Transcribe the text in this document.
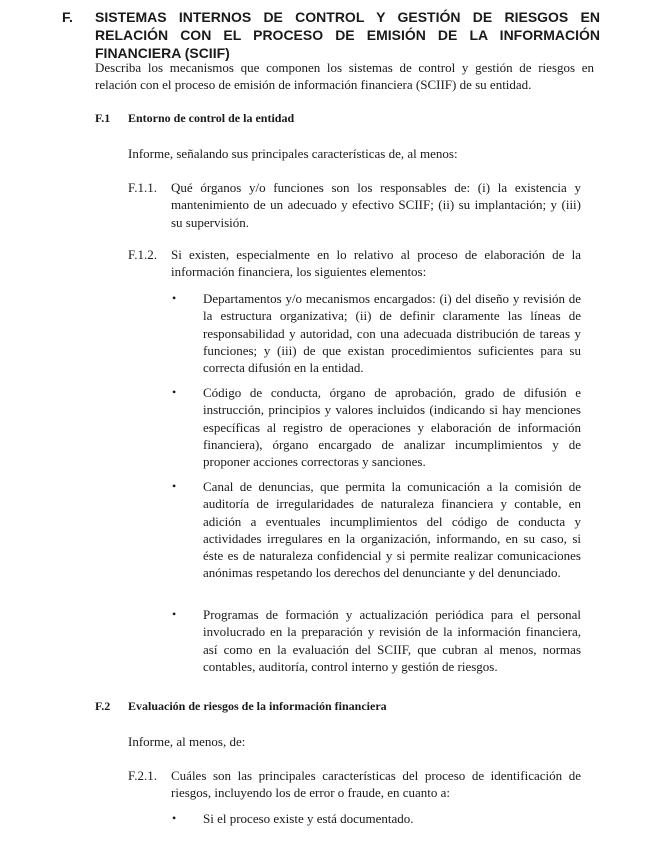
F. SISTEMAS INTERNOS DE CONTROL Y GESTIÓN DE RIESGOS EN RELACIÓN CON EL PROCESO DE EMISIÓN DE LA INFORMACIÓN FINANCIERA (SCIIF)
Describa los mecanismos que componen los sistemas de control y gestión de riesgos en relación con el proceso de emisión de información financiera (SCIIF) de su entidad.
F.1 Entorno de control de la entidad
Informe, señalando sus principales características de, al menos:
F.1.1. Qué órganos y/o funciones son los responsables de: (i) la existencia y mantenimiento de un adecuado y efectivo SCIIF; (ii) su implantación; y (iii) su supervisión.
F.1.2. Si existen, especialmente en lo relativo al proceso de elaboración de la información financiera, los siguientes elementos:
• Departamentos y/o mecanismos encargados: (i) del diseño y revisión de la estructura organizativa; (ii) de definir claramente las líneas de responsabilidad y autoridad, con una adecuada distribución de tareas y funciones; y (iii) de que existan procedimientos suficientes para su correcta difusión en la entidad.
• Código de conducta, órgano de aprobación, grado de difusión e instrucción, principios y valores incluidos (indicando si hay menciones específicas al registro de operaciones y elaboración de información financiera), órgano encargado de analizar incumplimientos y de proponer acciones correctoras y sanciones.
• Canal de denuncias, que permita la comunicación a la comisión de auditoría de irregularidades de naturaleza financiera y contable, en adición a eventuales incumplimientos del código de conducta y actividades irregulares en la organización, informando, en su caso, si éste es de naturaleza confidencial y si permite realizar comunicaciones anónimas respetando los derechos del denunciante y del denunciado.
• Programas de formación y actualización periódica para el personal involucrado en la preparación y revisión de la información financiera, así como en la evaluación del SCIIF, que cubran al menos, normas contables, auditoría, control interno y gestión de riesgos.
F.2 Evaluación de riesgos de la información financiera
Informe, al menos, de:
F.2.1. Cuáles son las principales características del proceso de identificación de riesgos, incluyendo los de error o fraude, en cuanto a:
• Si el proceso existe y está documentado.
